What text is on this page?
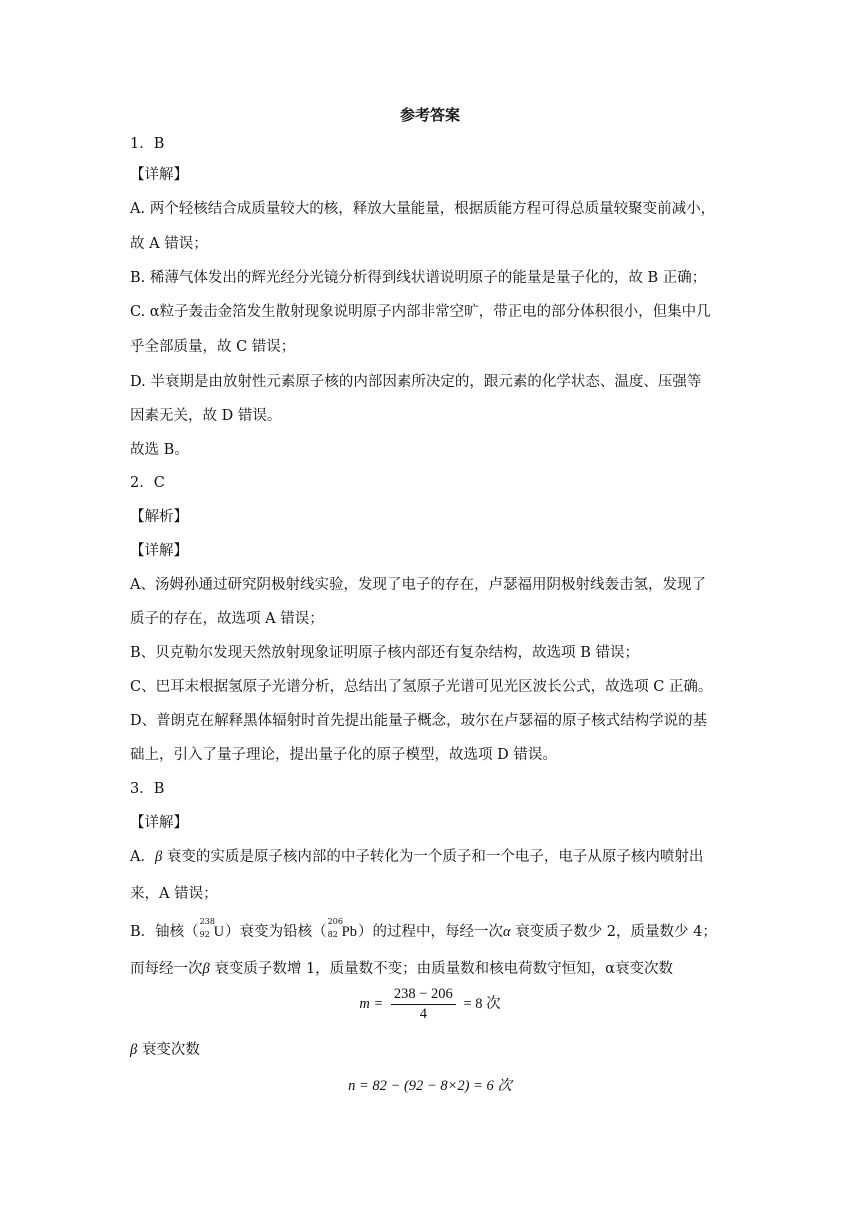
参考答案
1．B
【详解】
A. 两个轻核结合成质量较大的核，释放大量能量，根据质能方程可得总质量较聚变前减小，
故 A 错误；
B. 稀薄气体发出的辉光经分光镜分析得到线状谱说明原子的能量是量子化的，故 B 正确；
C. α粒子轰击金箔发生散射现象说明原子内部非常空旷，带正电的部分体积很小，但集中几
乎全部质量，故 C 错误；
D. 半衰期是由放射性元素原子核的内部因素所决定的，跟元素的化学状态、温度、压强等
因素无关，故 D 错误。
故选 B。
2．C
【解析】
【详解】
A、汤姆孙通过研究阴极射线实验，发现了电子的存在，卢瑟福用阴极射线轰击氢，发现了
质子的存在，故选项 A 错误；
B、贝克勒尔发现天然放射现象证明原子核内部还有复杂结构，故选项 B 错误；
C、巴耳末根据氢原子光谱分析，总结出了氢原子光谱可见光区波长公式，故选项 C 正确。
D、普朗克在解释黑体辐射时首先提出能量子概念，玻尔在卢瑟福的原子核式结构学说的基
础上，引入了量子理论，提出量子化的原子模型，故选项 D 错误。
3．B
【详解】
A．β 衰变的实质是原子核内部的中子转化为一个质子和一个电子，电子从原子核内喷射出
来，A 错误；
B．铀核（
238
92 U）衰变为铅核（
206
82 Pb）的过程中，每经一次α 衰变质子数少 2，质量数少 4；
而每经一次β 衰变质子数增 1，质量数不变；由质量数和核电荷数守恒知，α衰变次数
$m = \frac{238 - 206}{4} = 8$ 次
β 衰变次数
n = 82 − (92 − 8×2) = 6 次
